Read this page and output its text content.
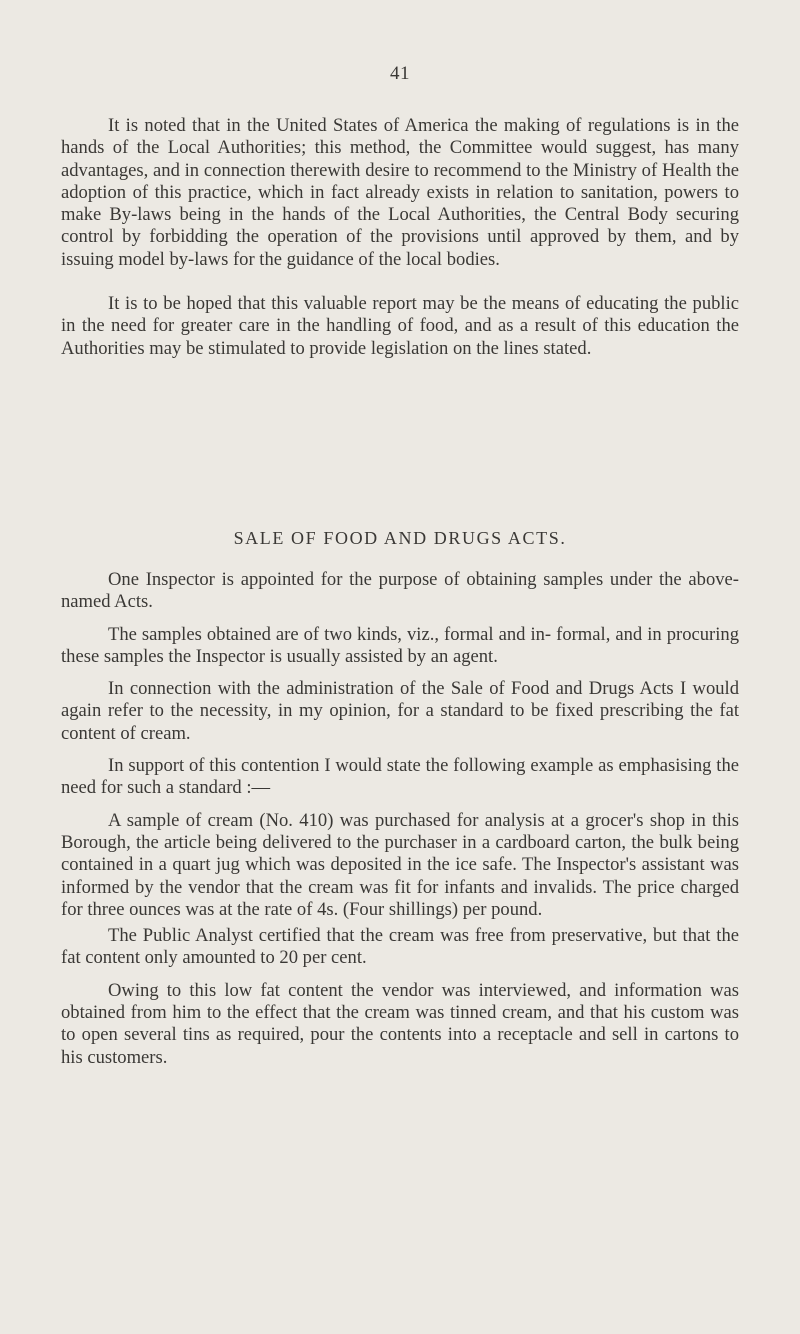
41

It is noted that in the United States of America the making of regulations is in the hands of the Local Authorities; this method, the Committee would suggest, has many advantages, and in connection therewith desire to recommend to the Ministry of Health the adoption of this practice, which in fact already exists in relation to sanitation, powers to make By-laws being in the hands of the Local Authorities, the Central Body securing control by forbidding the operation of the provisions until approved by them, and by issuing model by-laws for the guidance of the local bodies.

It is to be hoped that this valuable report may be the means of educating the public in the need for greater care in the handling of food, and as a result of this education the Authorities may be stimulated to provide legislation on the lines stated.

SALE OF FOOD AND DRUGS ACTS.

One Inspector is appointed for the purpose of obtaining samples under the above-named Acts.

The samples obtained are of two kinds, viz., formal and in- formal, and in procuring these samples the Inspector is usually assisted by an agent.

In connection with the administration of the Sale of Food and Drugs Acts I would again refer to the necessity, in my opinion, for a standard to be fixed prescribing the fat content of cream.

In support of this contention I would state the following example as emphasising the need for such a standard :—

A sample of cream (No. 410) was purchased for analysis at a grocer's shop in this Borough, the article being delivered to the purchaser in a cardboard carton, the bulk being contained in a quart jug which was deposited in the ice safe. The Inspector's assistant was informed by the vendor that the cream was fit for infants and invalids. The price charged for three ounces was at the rate of 4s. (Four shillings) per pound.

The Public Analyst certified that the cream was free from preservative, but that the fat content only amounted to 20 per cent.

Owing to this low fat content the vendor was interviewed, and information was obtained from him to the effect that the cream was tinned cream, and that his custom was to open several tins as required, pour the contents into a receptacle and sell in cartons to his customers.
